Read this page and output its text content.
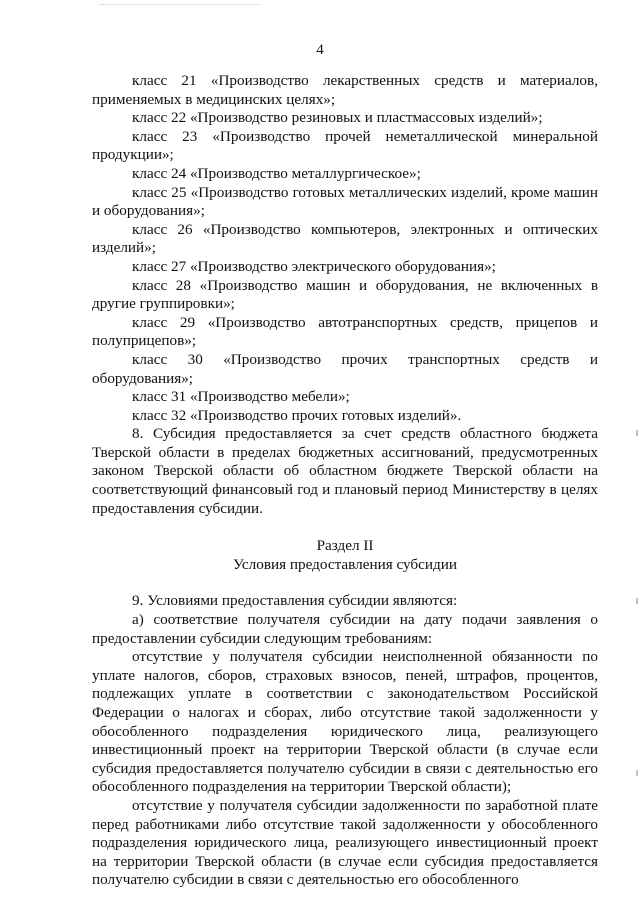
4

класс 21 «Производство лекарственных средств и материалов, применяемых в медицинских целях»;

класс 22 «Производство резиновых и пластмассовых изделий»;

класс 23 «Производство прочей неметаллической минеральной продукции»;

класс 24 «Производство металлургическое»;

класс 25 «Производство готовых металлических изделий, кроме машин и оборудования»;

класс 26 «Производство компьютеров, электронных и оптических изделий»;

класс 27 «Производство электрического оборудования»;

класс 28 «Производство машин и оборудования, не включенных в другие группировки»;

класс 29 «Производство автотранспортных средств, прицепов и полуприцепов»;

класс 30 «Производство прочих транспортных средств и оборудования»;

класс 31 «Производство мебели»;

класс 32 «Производство прочих готовых изделий».

8. Субсидия предоставляется за счет средств областного бюджета Тверской области в пределах бюджетных ассигнований, предусмотренных законом Тверской области об областном бюджете Тверской области на соответствующий финансовый год и плановый период Министерству в целях предоставления субсидии.

Раздел II

Условия предоставления субсидии

9. Условиями предоставления субсидии являются:

а) соответствие получателя субсидии на дату подачи заявления о предоставлении субсидии следующим требованиям:

отсутствие у получателя субсидии неисполненной обязанности по уплате налогов, сборов, страховых взносов, пеней, штрафов, процентов, подлежащих уплате в соответствии с законодательством Российской Федерации о налогах и сборах, либо отсутствие такой задолженности у обособленного подразделения юридического лица, реализующего инвестиционный проект на территории Тверской области (в случае если субсидия предоставляется получателю субсидии в связи с деятельностью его обособленного подразделения на территории Тверской области);

отсутствие у получателя субсидии задолженности по заработной плате перед работниками либо отсутствие такой задолженности у обособленного подразделения юридического лица, реализующего инвестиционный проект на территории Тверской области (в случае если субсидия предоставляется получателю субсидии в связи с деятельностью его обособленного
